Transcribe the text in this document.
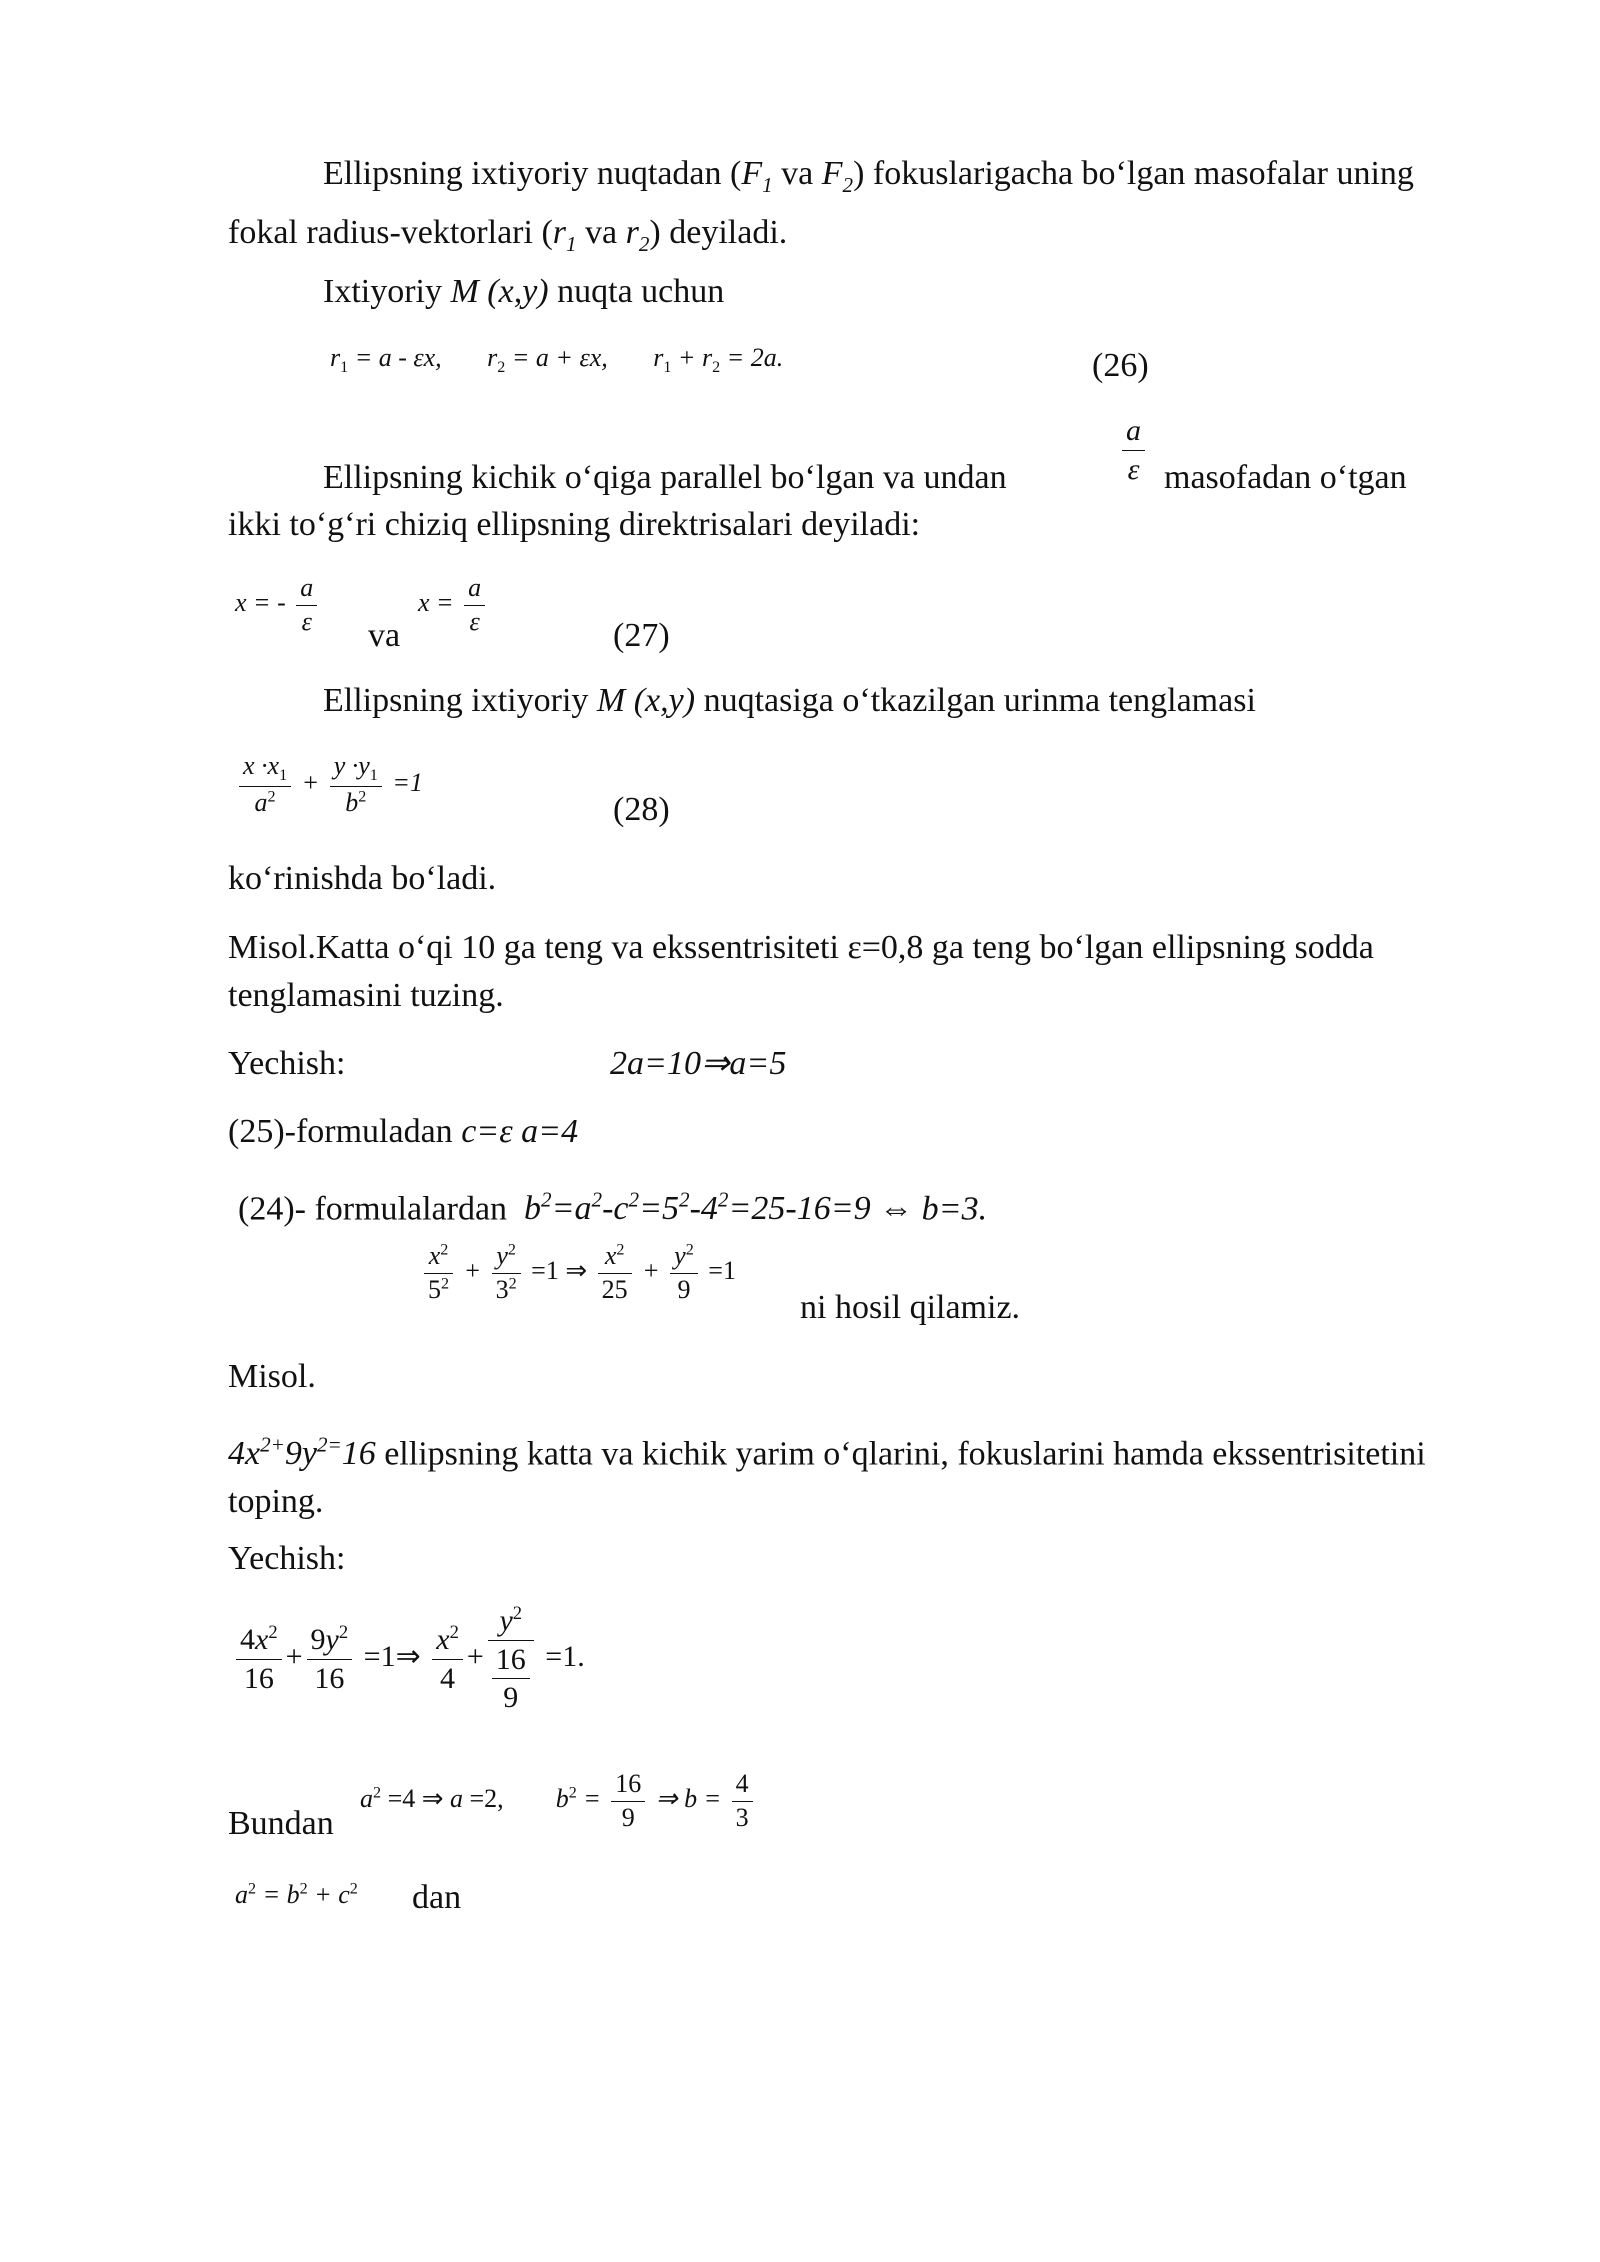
Ellipsning ixtiyoriy nuqtadan ($F_1$ va $F_2$) fokuslarigacha bo‘lgan masofalar uning fokal radius-vektorlari ($r_1$ va $r_2$) deyiladi.
Ixtiyoriy M (x,y) nuqta uchun
$r_1 = a - \varepsilon x$,       $r_2 = a + \varepsilon x$,       $r_1 + r_2 = 2a$.	(26)
$\frac{a}{\varepsilon}$
Ellipsning kichik o‘qiga parallel bo‘lgan va undan	masofadan o‘tgan
ikki to‘g‘ri chiziq ellipsning direktrisalari deyiladi:
x = - $\frac{a}{\varepsilon}$ va
$x = \frac{a}{\varepsilon}$	(27)
Ellipsning ixtiyoriy M (x,y) nuqtasiga o‘tkazilgan urinma tenglamasi
$\frac{x \cdot x_1}{a^2} + \frac{y \cdot y_1}{b^2} =1$
(28)
ko‘rinishda bo‘ladi.
Misol.Katta o‘qi 10 ga teng va ekssentrisiteti ε=0,8 ga teng bo‘lgan ellipsning sodda tenglamasini tuzing.
Yechish:	2a=10⇒a=5
(25)-formuladan c=ε a=4
(24)- formulalardan $b^2=a^2-c^2=5^2-4^2=25-16=9$ ⇔ b=3.
$\frac{x^2}{5^2} + \frac{y^2}{3^2} =1$ ⇒ $\frac{x^2}{25} + \frac{y^2}{9} =1$
ni hosil qilamiz.
Misol.
$4x^{2+}9y^{2=}16$ ellipsning katta va kichik yarim o‘qlarini, fokuslarini hamda ekssentrisitetini toping.
Yechish:
$\frac{4x^2}{16} + \frac{9y^2}{16}$ =1⇒ $\frac{x^2}{4} + \frac{y^2}{\frac{16}{9}} =1$.
Bundan
$a^2 =4$ ⇒ a =2,        $b^2 = \frac{16}{9}$ ⇒ $b = \frac{4}{3}$
$a^2 = b^2 + c^2$ dan
